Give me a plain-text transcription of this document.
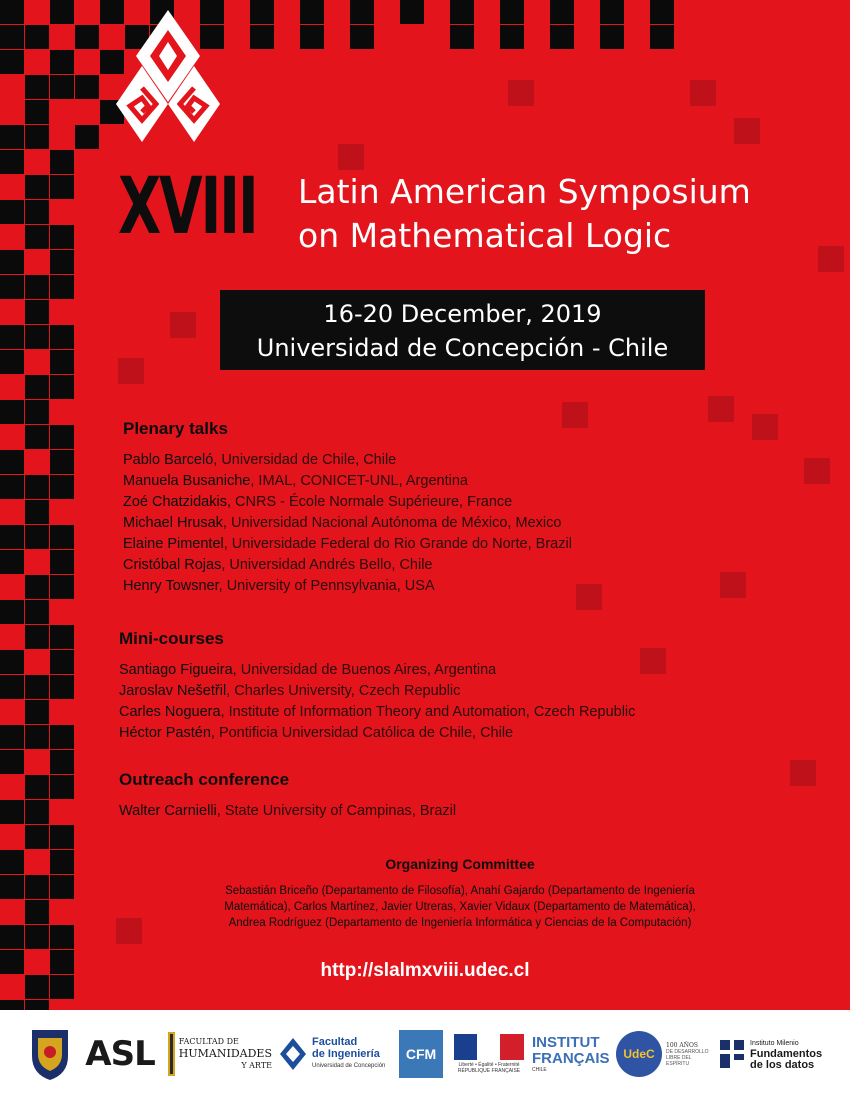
XVIII Latin American Symposium
on Mathematical Logic
16-20 December, 2019
Universidad de Concepción - Chile
Plenary talks
Pablo Barceló, Universidad de Chile, Chile
Manuela Busaniche, IMAL, CONICET-UNL, Argentina
Zoé Chatzidakis, CNRS - École Normale Supérieure, France
Michael Hrusak, Universidad Nacional Autónoma de México, Mexico
Elaine Pimentel, Universidade Federal do Rio Grande do Norte, Brazil
Cristóbal Rojas, Universidad Andrés Bello, Chile
Henry Towsner, University of Pennsylvania, USA
Mini-courses
Santiago Figueira, Universidad de Buenos Aires, Argentina
Jaroslav Nešetřil, Charles University, Czech Republic
Carles Noguera, Institute of Information Theory and Automation, Czech Republic
Héctor Pastén, Pontificia Universidad Católica de Chile, Chile
Outreach conference
Walter Carnielli, State University of Campinas, Brazil
Organizing Committee
Sebastián Briceño (Departamento de Filosofía), Anahí Gajardo (Departamento de Ingeniería
Matemática), Carlos Martínez, Javier Utreras, Xavier Vidaux (Departamento de Matemática),
Andrea Rodríguez (Departamento de Ingeniería Informática y Ciencias de la Computación)
http://slalmxviii.udec.cl
ASL	FACULTAD DE
HUMANIDADES
Y ARTE
Facultad
de Ingeniería
Universidad de Concepción
CFM
Liberté • Égalité • Fraternité
RÉPUBLIQUE FRANÇAISE
INSTITUT
FRANÇAIS
CHILE
UdeC
100 AÑOS
DE DESARROLLO
LIBRE DEL ESPÍRITU
Instituto Milenio
Fundamentos
de los datos
